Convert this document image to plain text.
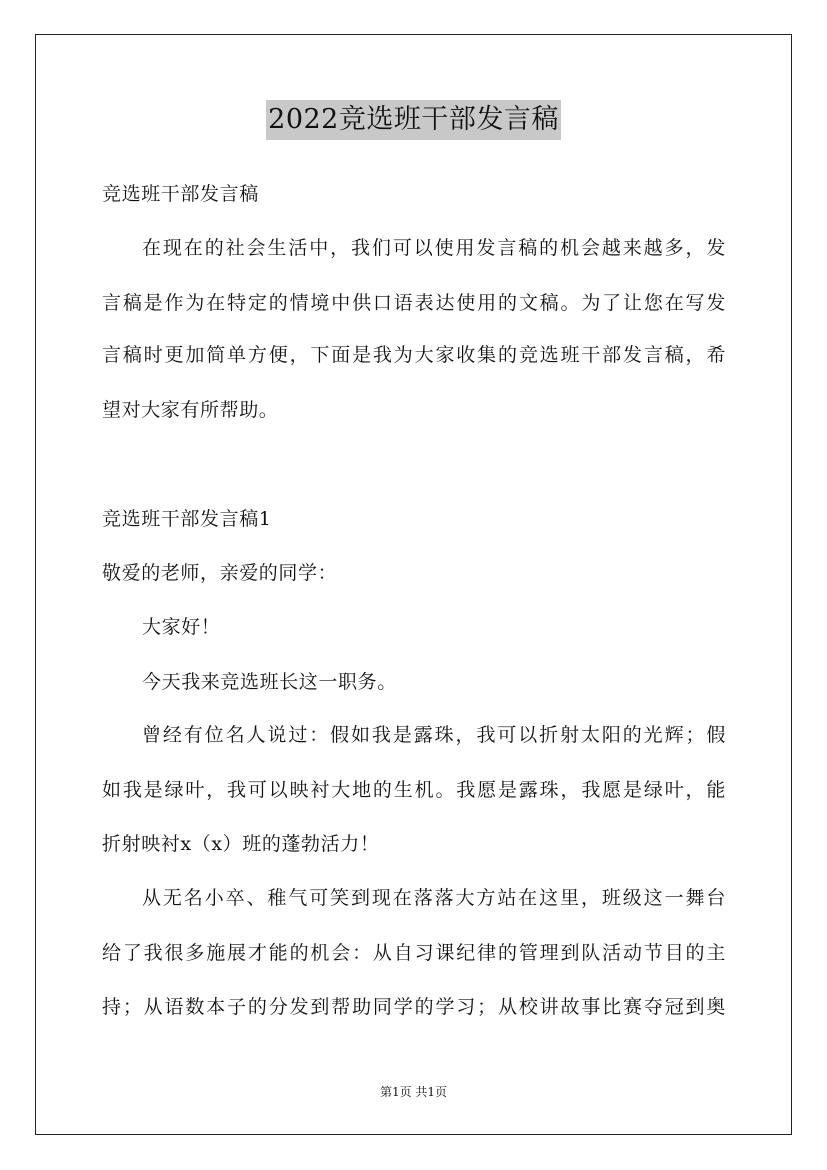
2022竞选班干部发言稿
竞选班干部发言稿
在现在的社会生活中，我们可以使用发言稿的机会越来越多，发
言稿是作为在特定的情境中供口语表达使用的文稿。为了让您在写发
言稿时更加简单方便，下面是我为大家收集的竞选班干部发言稿，希
望对大家有所帮助。
竞选班干部发言稿1
敬爱的老师，亲爱的同学：
大家好！
今天我来竞选班长这一职务。
曾经有位名人说过：假如我是露珠，我可以折射太阳的光辉；假
如我是绿叶，我可以映衬大地的生机。我愿是露珠，我愿是绿叶，能
折射映衬x（x）班的蓬勃活力！
从无名小卒、稚气可笑到现在落落大方站在这里，班级这一舞台
给了我很多施展才能的机会：从自习课纪律的管理到队活动节目的主
持；从语数本子的分发到帮助同学的学习；从校讲故事比赛夺冠到奥
第1页 共1页
